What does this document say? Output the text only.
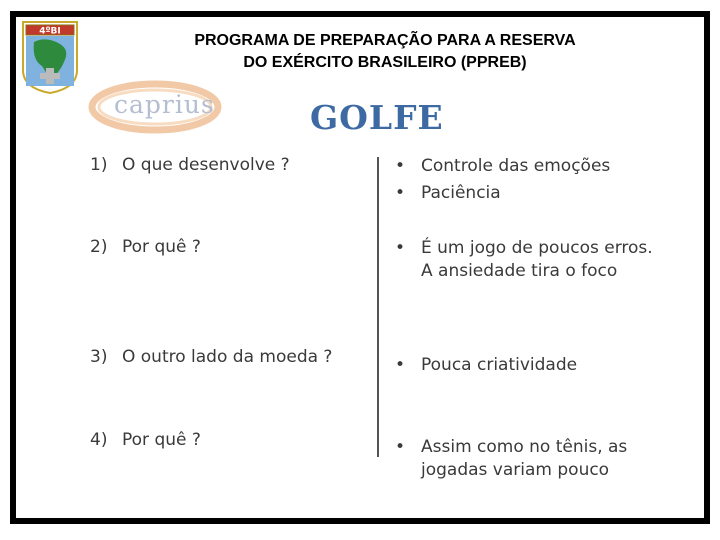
4ºBI
caprius
PROGRAMA DE PREPARAÇÃO PARA A RESERVA
DO EXÉRCITO BRASILEIRO (PPREB)
GOLFE
1) O que desenvolve ?
2) Por quê ?
3) O outro lado da moeda ?
4) Por quê ?
• Controle das emoções
• Paciência
• É um jogo de poucos erros.
A ansiedade tira o foco
• Pouca criatividade
• Assim como no tênis, as
jogadas variam pouco
